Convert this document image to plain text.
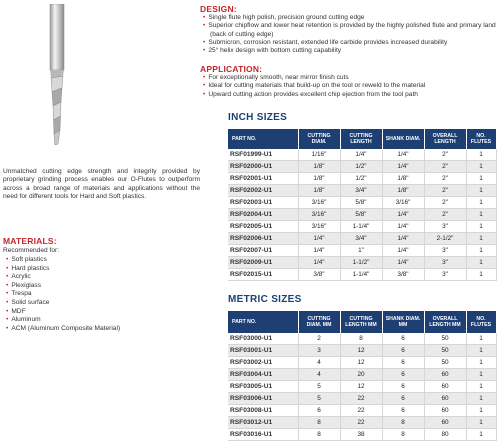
Unmatched cutting edge strength and integrity provided by proprietary grinding process enables our O-Flutes to outperform across a broad range of materials and applications without the need for different tools for Hard and Soft plastics.
MATERIALS:
Recommended for:
• Soft plastics
• Hard plastics
• Acrylic
• Plexiglass
• Trespa
• Solid surface
• MDF
• Aluminum
• ACM (Aluminum Composite Material)
DESIGN:
• Single flute high polish, precision ground cutting edge
• Superior chipflow and lower heat retention is provided by the highly polished flute and primary land (back of cutting edge)
• Submicron, corrosion resistant, extended life carbide provides increased durability
• 25° helix design with bottom cutting capability
APPLICATION:
• For exceptionally smooth, near mirror finish cuts
• Ideal for cutting materials that build-up on the tool or reweld to the material
• Upward cutting action provides excellent chip ejection from the tool path
INCH SIZES
PART NO.	CUTTING DIAM.	CUTTING LENGTH	SHANK DIAM.	OVERALL LENGTH	NO. FLUTES
RSF01999-U1	1/16"	1/4"	1/4"	2"	1
RSF02000-U1	1/8"	1/2"	1/4"	2"	1
RSF02001-U1	1/8"	1/2"	1/8"	2"	1
RSF02002-U1	1/8"	3/4"	1/8"	2"	1
RSF02003-U1	3/16"	5/8"	3/16"	2"	1
RSF02004-U1	3/16"	5/8"	1/4"	2"	1
RSF02005-U1	3/16"	1-1/4"	1/4"	3"	1
RSF02006-U1	1/4"	3/4"	1/4"	2-1/2"	1
RSF02007-U1	1/4"	1"	1/4"	3"	1
RSF02009-U1	1/4"	1-1/2"	1/4"	3"	1
RSF02015-U1	3/8"	1-1/4"	3/8"	3"	1
METRIC SIZES
PART NO.	CUTTING DIAM. MM	CUTTING LENGTH MM	SHANK DIAM. MM	OVERALL LENGTH MM	NO. FLUTES
RSF03000-U1	2	8	6	50	1
RSF03001-U1	3	12	6	50	1
RSF03002-U1	4	12	6	50	1
RSF03004-U1	4	20	6	60	1
RSF03005-U1	5	12	6	60	1
RSF03006-U1	5	22	6	60	1
RSF03008-U1	6	22	6	60	1
RSF03012-U1	8	22	8	60	1
RSF03016-U1	8	38	8	80	1
